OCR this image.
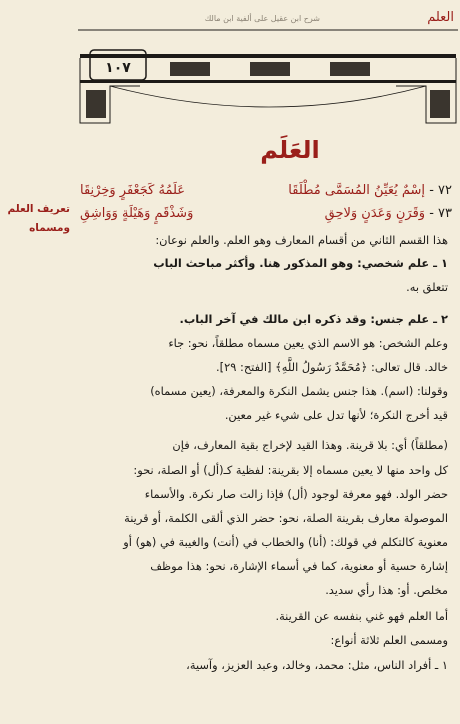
شرح ابن عقيل على ألفية ابن مالك	العلم
١٠٧
العَلَم
٧٢ - إسْمٌ يُعَيِّنُ المُسَمَّى مُطْلَقَا
عَلَمُهُ كَجَعْفَرٍ وَخِرْنِقَا
٧٣ - وَقَرَنٍ وَعَدَنٍ وَلاحِقِ
وَشَذْقَمٍ وَهَيْلَةٍ وَوَاشِقِ
تعريف العلم
ومسماه
هذا القسم الثاني من أقسام المعارف وهو العلم. والعلم نوعان:
١ ـ علم شخصي: وهو المذكور هنا. وأكثر مباحث الباب
تتعلق به.
٢ ـ علم جنس: وقد ذكره ابن مالك في آخر الباب.
وعلم الشخص: هو الاسم الذي يعين مسماه مطلقاً، نحو: جاء
خالد. قال تعالى: ﴿مُحَمَّدٌ رَسُولُ اللَّهِ﴾ [الفتح: ٢٩].
وقولنا: (اسم). هذا جنس يشمل النكرة والمعرفة، (يعين مسماه)
قيد أخرج النكرة؛ لأنها تدل على شيء غير معين.
(مطلقاً) أي: بلا قرينة. وهذا القيد لإخراج بقية المعارف، فإن
كل واحد منها لا يعين مسماه إلا بقرينة: لفظية كـ(أل) أو الصلة، نحو:
حضر الولد. فهو معرفة لوجود (أل) فإذا زالت صار نكرة. والأسماء
الموصولة معارف بقرينة الصلة، نحو: حضر الذي ألقى الكلمة، أو قرينة
معنوية كالتكلم في قولك: (أنا) والخطاب في (أنت) والغيبة في (هو) أو
إشارة حسية أو معنوية، كما في أسماء الإشارة، نحو: هذا موظف
مخلص. أو: هذا رأي سديد.
أما العلم فهو غني بنفسه عن القرينة.
ومسمى العلم ثلاثة أنواع:
١ ـ أفراد الناس، مثل: محمد، وخالد، وعبد العزيز، وآسية،
